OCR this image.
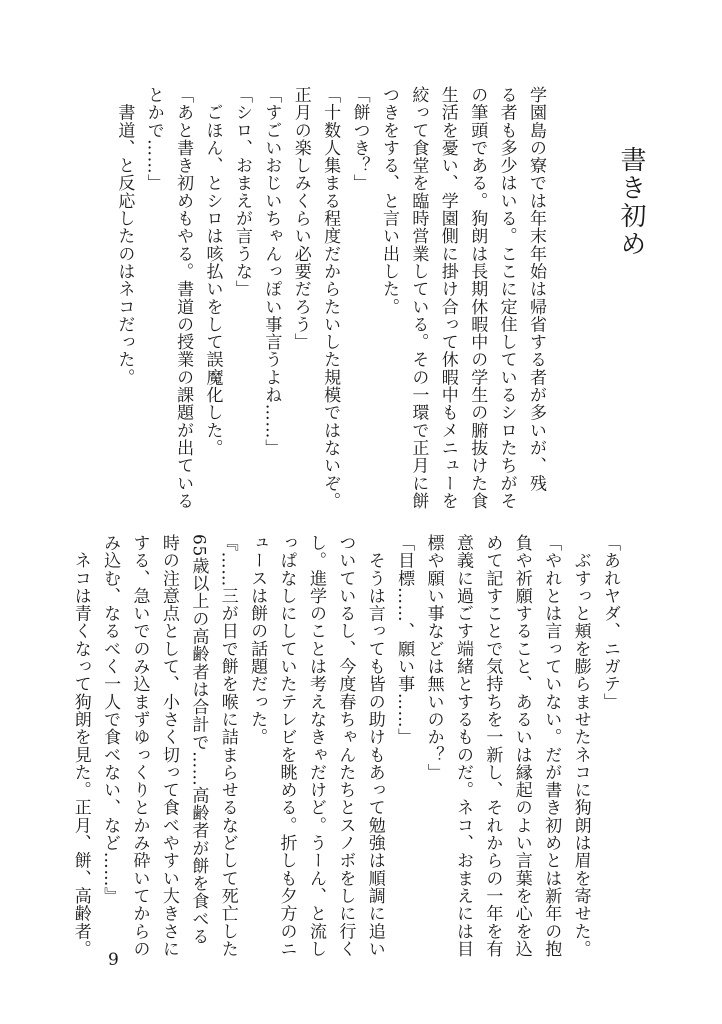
書き初め
学園島の寮では年末年始は帰省する者が多いが、残
る者も多少はいる。ここに定住しているシロたちがそ
の筆頭である。狗朗は長期休暇中の学生の腑抜けた食
生活を憂い、学園側に掛け合って休暇中もメニューを
絞って食堂を臨時営業している。その一環で正月に餅
つきをする、と言い出した。
「餅つき？」
「十数人集まる程度だからたいした規模ではないぞ。
正月の楽しみくらい必要だろう」
「すごいおじいちゃんっぽい事言うよね……」
「シロ、おまえが言うな」
　ごほん、とシロは咳払いをして誤魔化した。
「あと書き初めもやる。書道の授業の課題が出ている
とかで……」
　書道、と反応したのはネコだった。
「あれヤダ、ニガテ」
　ぶすっと頬を膨らませたネコに狗朗は眉を寄せた。
「やれとは言っていない。だが書き初めとは新年の抱
負や祈願すること、あるいは縁起のよい言葉を心を込
めて記すことで気持ちを一新し、それからの一年を有
意義に過ごす端緒とするものだ。ネコ、おまえには目
標や願い事などは無いのか？」
「目標……、願い事……」
　そうは言っても皆の助けもあって勉強は順調に追い
ついているし、今度春ちゃんたちとスノボをしに行く
し。進学のことは考えなきゃだけど。うーん、と流し
っぱなしにしていたテレビを眺める。折しも夕方のニ
ュースは餅の話題だった。
『……三が日で餅を喉に詰まらせるなどして死亡した
65歳以上の高齢者は合計で……高齢者が餅を食べる
時の注意点として、小さく切って食べやすい大きさに
する、急いでのみ込まずゆっくりとかみ砕いてからの
み込む、なるべく一人で食べない、など……』
　ネコは青くなって狗朗を見た。正月、餅、高齢者。
9
